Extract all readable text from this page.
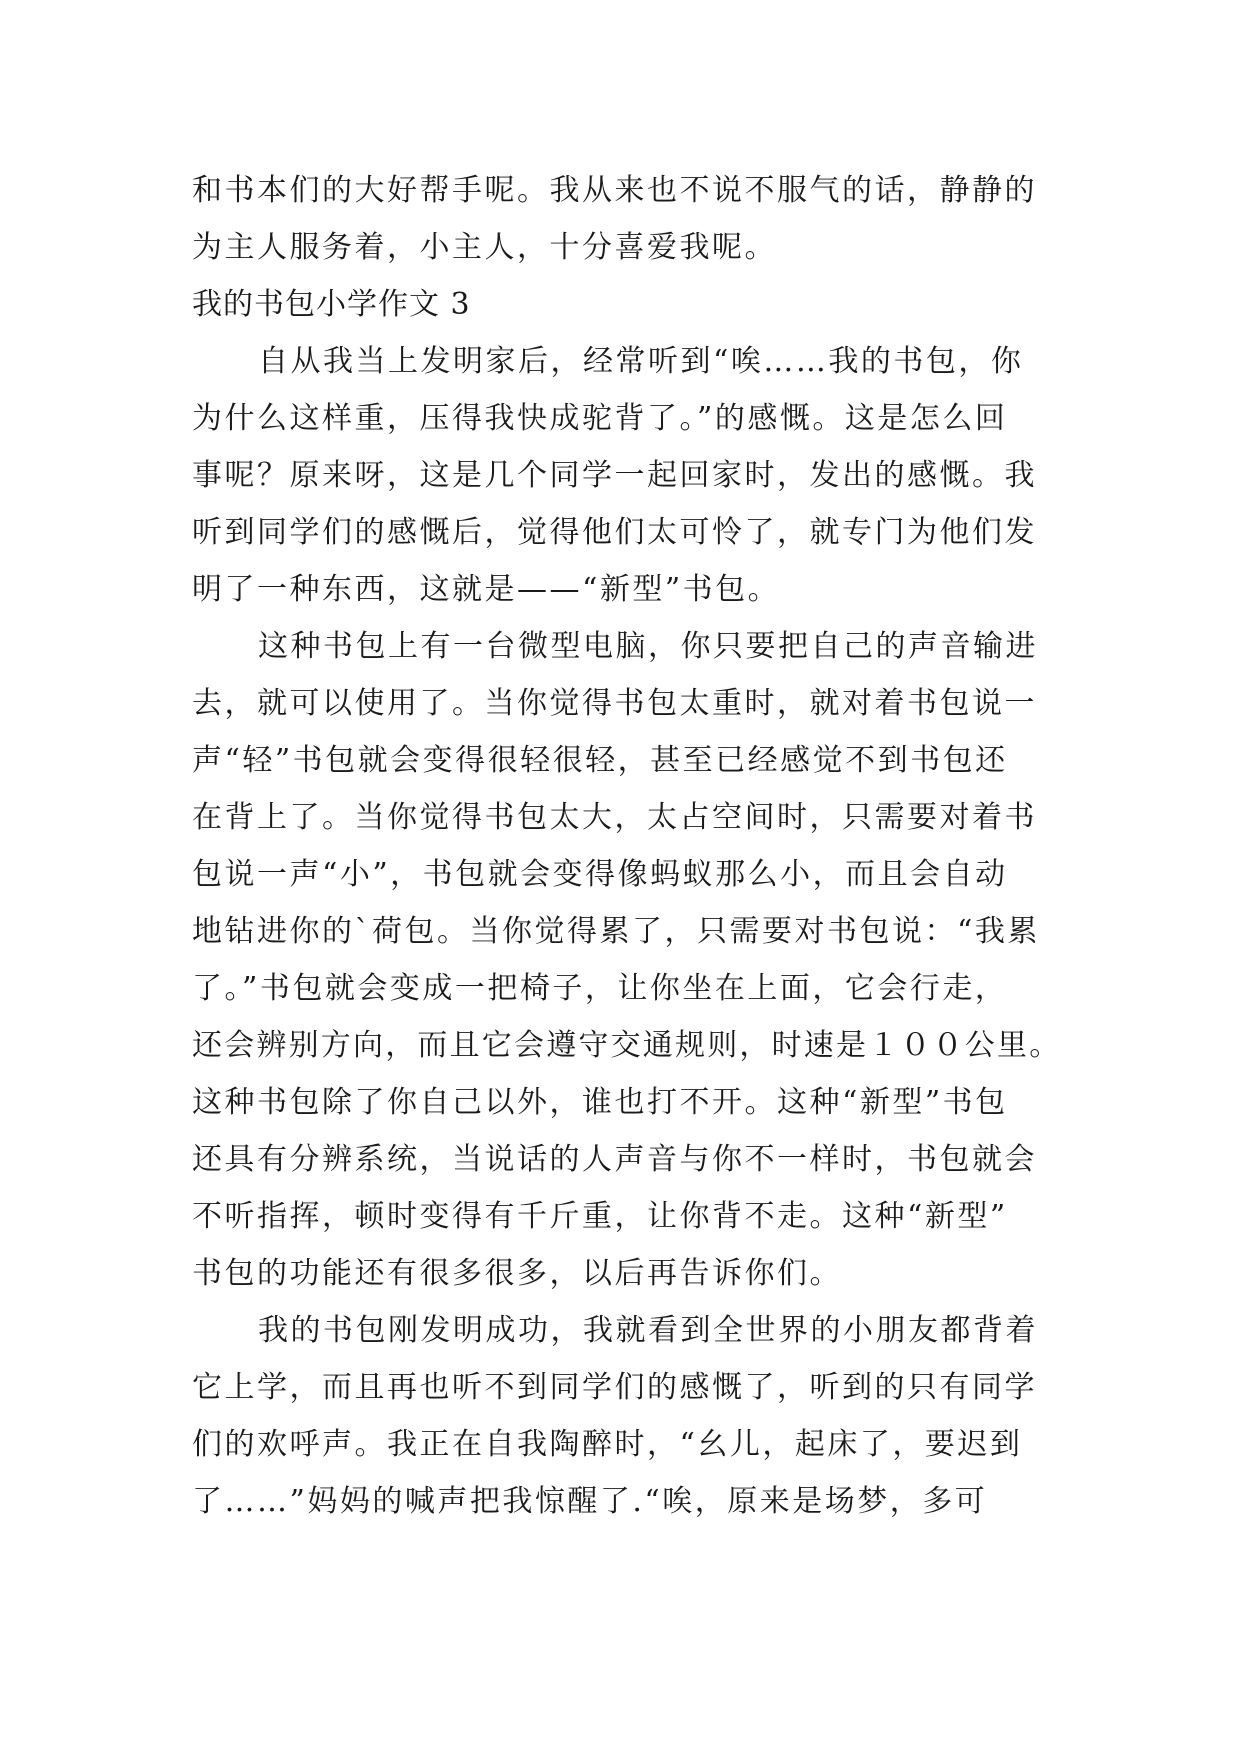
和书本们的大好帮手呢。我从来也不说不服气的话，静静的
为主人服务着，小主人，十分喜爱我呢。
我的书包小学作文 3
自从我当上发明家后，经常听到“唉……我的书包，你
为什么这样重，压得我快成驼背了。”的感慨。这是怎么回
事呢？原来呀，这是几个同学一起回家时，发出的感慨。我
听到同学们的感慨后，觉得他们太可怜了，就专门为他们发
明了一种东西，这就是——“新型”书包。
这种书包上有一台微型电脑，你只要把自己的声音输进
去，就可以使用了。当你觉得书包太重时，就对着书包说一
声“轻”书包就会变得很轻很轻，甚至已经感觉不到书包还
在背上了。当你觉得书包太大，太占空间时，只需要对着书
包说一声“小”，书包就会变得像蚂蚁那么小，而且会自动
地钻进你的`荷包。当你觉得累了，只需要对书包说：“我累
了。”书包就会变成一把椅子，让你坐在上面，它会行走，
还会辨别方向，而且它会遵守交通规则，时速是１００公里。
这种书包除了你自己以外，谁也打不开。这种“新型”书包
还具有分辨系统，当说话的人声音与你不一样时，书包就会
不听指挥，顿时变得有千斤重，让你背不走。这种“新型”
书包的功能还有很多很多，以后再告诉你们。
我的书包刚发明成功，我就看到全世界的小朋友都背着
它上学，而且再也听不到同学们的感慨了，听到的只有同学
们的欢呼声。我正在自我陶醉时，“幺儿，起床了，要迟到
了……”妈妈的喊声把我惊醒了.“唉，原来是场梦，多可
